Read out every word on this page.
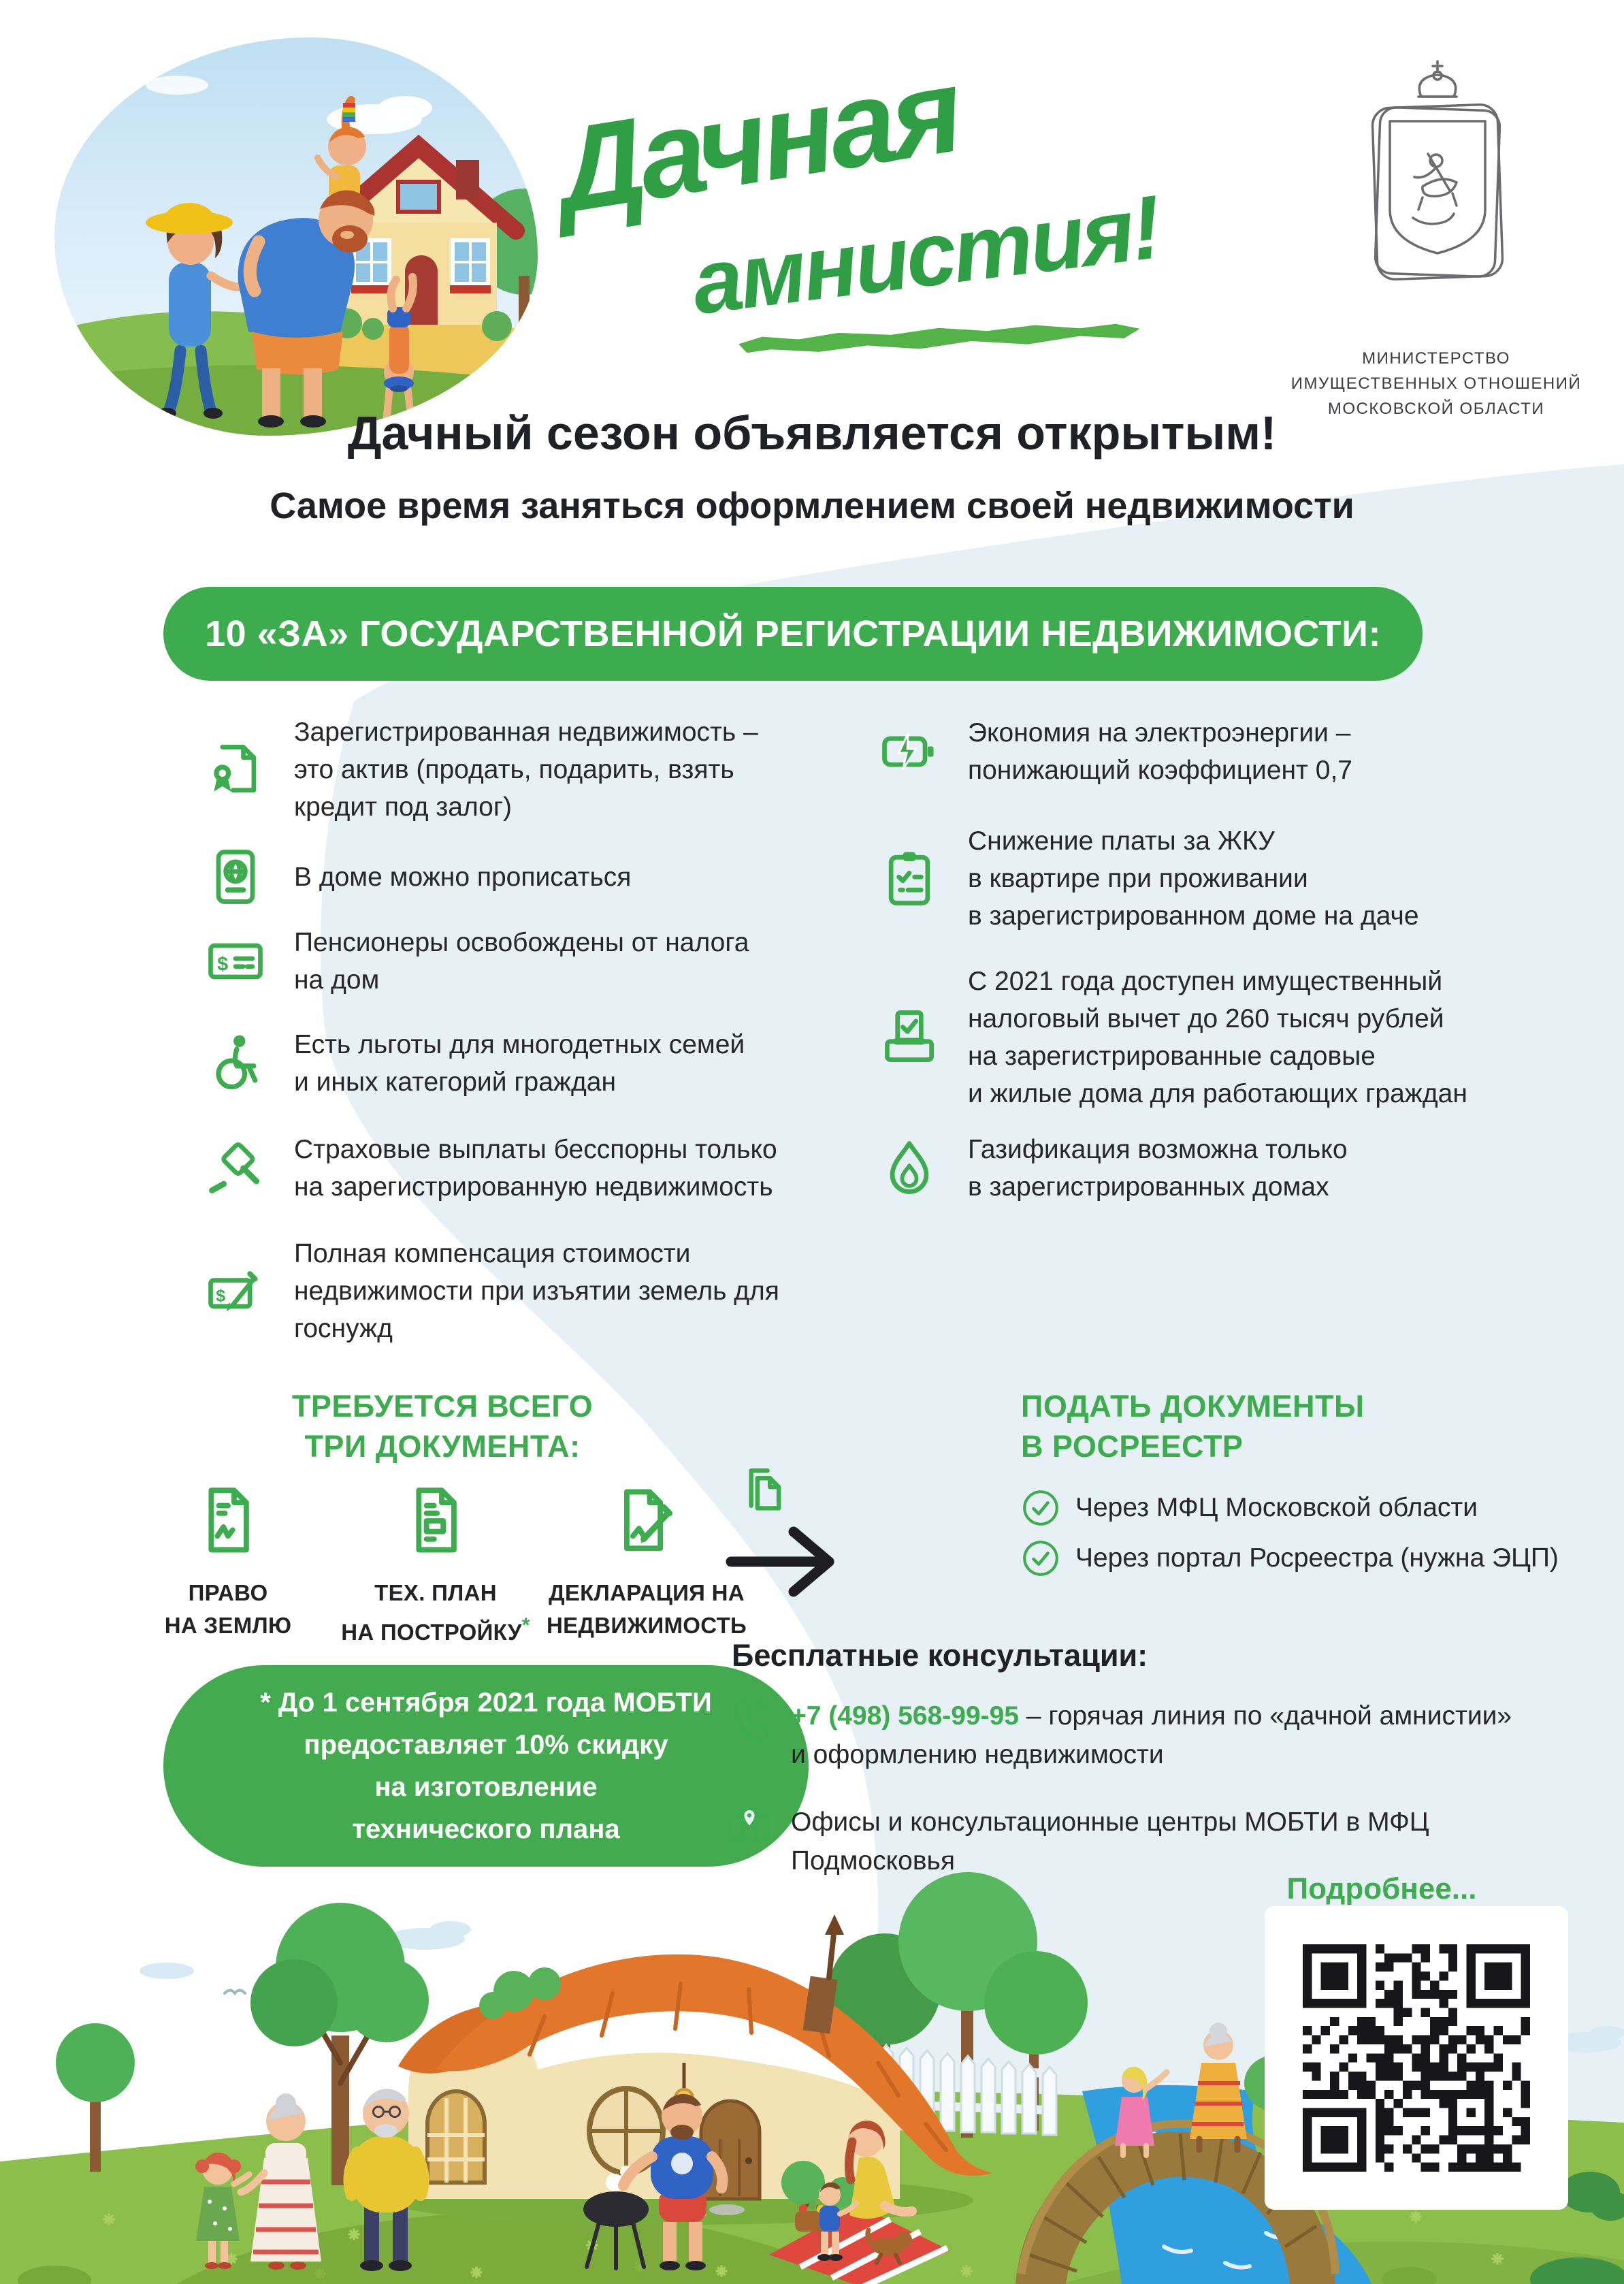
Дачная
амнистия!
МИНИСТЕРСТВО
ИМУЩЕСТВЕННЫХ ОТНОШЕНИЙ
МОСКОВСКОЙ ОБЛАСТИ
Дачный сезон объявляется открытым!
Самое время заняться оформлением своей недвижимости
10 «ЗА» ГОСУДАРСТВЕННОЙ РЕГИСТРАЦИИ НЕДВИЖИМОСТИ:
Зарегистрированная недвижимость –
это актив (продать, подарить, взять
кредит под залог)
В доме можно прописаться
$
Пенсионеры освобождены от налога
на дом
Есть льготы для многодетных семей
и иных категорий граждан
Страховые выплаты бесспорны только
на зарегистрированную недвижимость
$
Полная компенсация стоимости
недвижимости при изъятии земель для
госнужд
Экономия на электроэнергии –
понижающий коэффициент 0,7
Снижение платы за ЖКУ
в квартире при проживании
в зарегистрированном доме на даче
С 2021 года доступен имущественный
налоговый вычет до 260 тысяч рублей
на зарегистрированные садовые
и жилые дома для работающих граждан
Газификация возможна только
в зарегистрированных домах
ТРЕБУЕТСЯ ВСЕГО
ТРИ ДОКУМЕНТА:
ПРАВО
НА ЗЕМЛЮ
ТЕХ. ПЛАН
НА ПОСТРОЙКУ*
ДЕКЛАРАЦИЯ НА
НЕДВИЖИМОСТЬ
ПОДАТЬ ДОКУМЕНТЫ
В РОСРЕЕСТР
Через МФЦ Московской области
Через портал Росреестра (нужна ЭЦП)
* До 1 сентября 2021 года МОБТИ
предоставляет 10% скидку
на изготовление
технического плана
Бесплатные консультации:
+7 (498) 568-99-95 – горячая линия по «дачной амнистии»
и оформлению недвижимости
Офисы и консультационные центры МОБТИ в МФЦ
Подмосковья
Подробнее...
